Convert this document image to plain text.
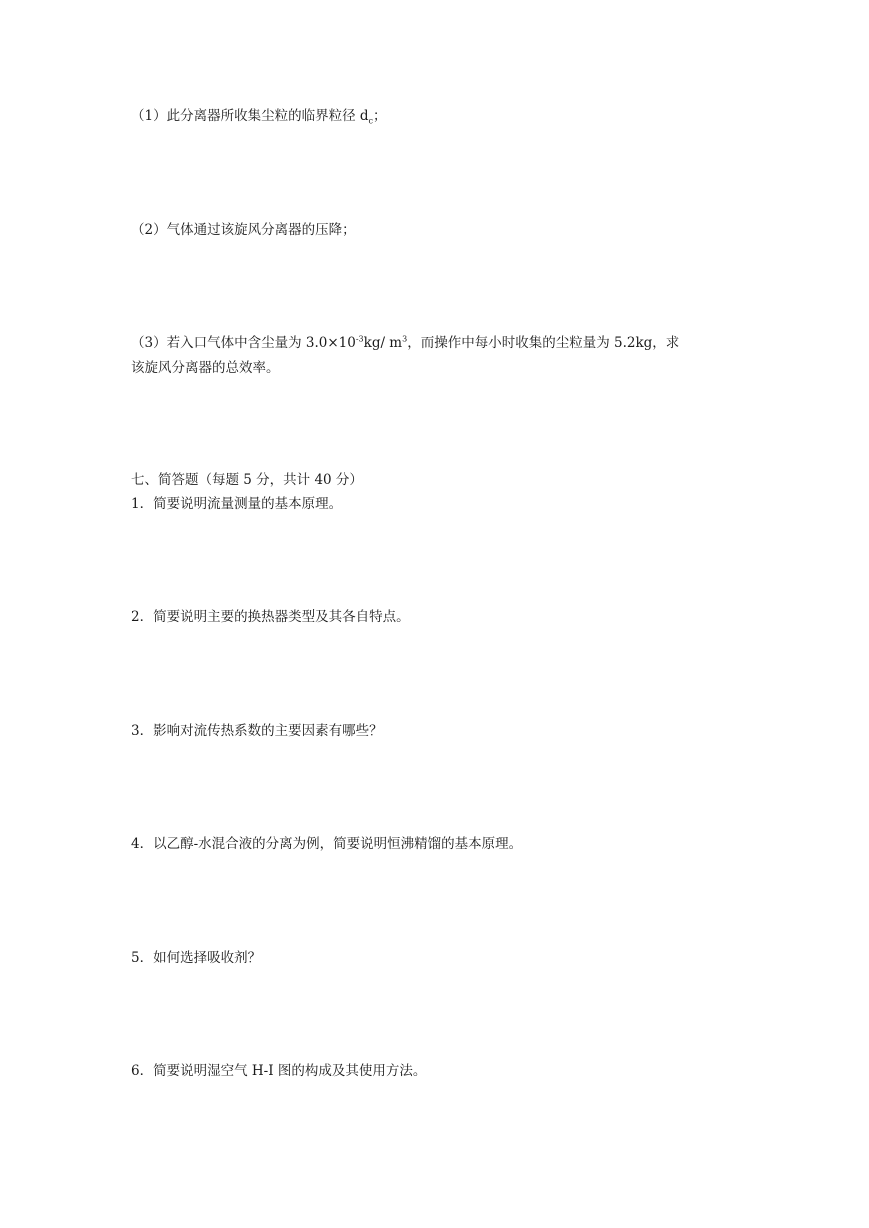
（1）此分离器所收集尘粒的临界粒径 $d_c$；
（2）气体通过该旋风分离器的压降；
（3）若入口气体中含尘量为 $3.0\times 10^{-3}kg/$ $m^3$，而操作中每小时收集的尘粒量为 5.2kg，求
该旋风分离器的总效率。
七、简答题（每题 5 分，共计 40 分）
1．简要说明流量测量的基本原理。
2．简要说明主要的换热器类型及其各自特点。
3．影响对流传热系数的主要因素有哪些？
4．以乙醇-水混合液的分离为例，简要说明恒沸精馏的基本原理。
5．如何选择吸收剂？
6．简要说明湿空气 H-I 图的构成及其使用方法。
